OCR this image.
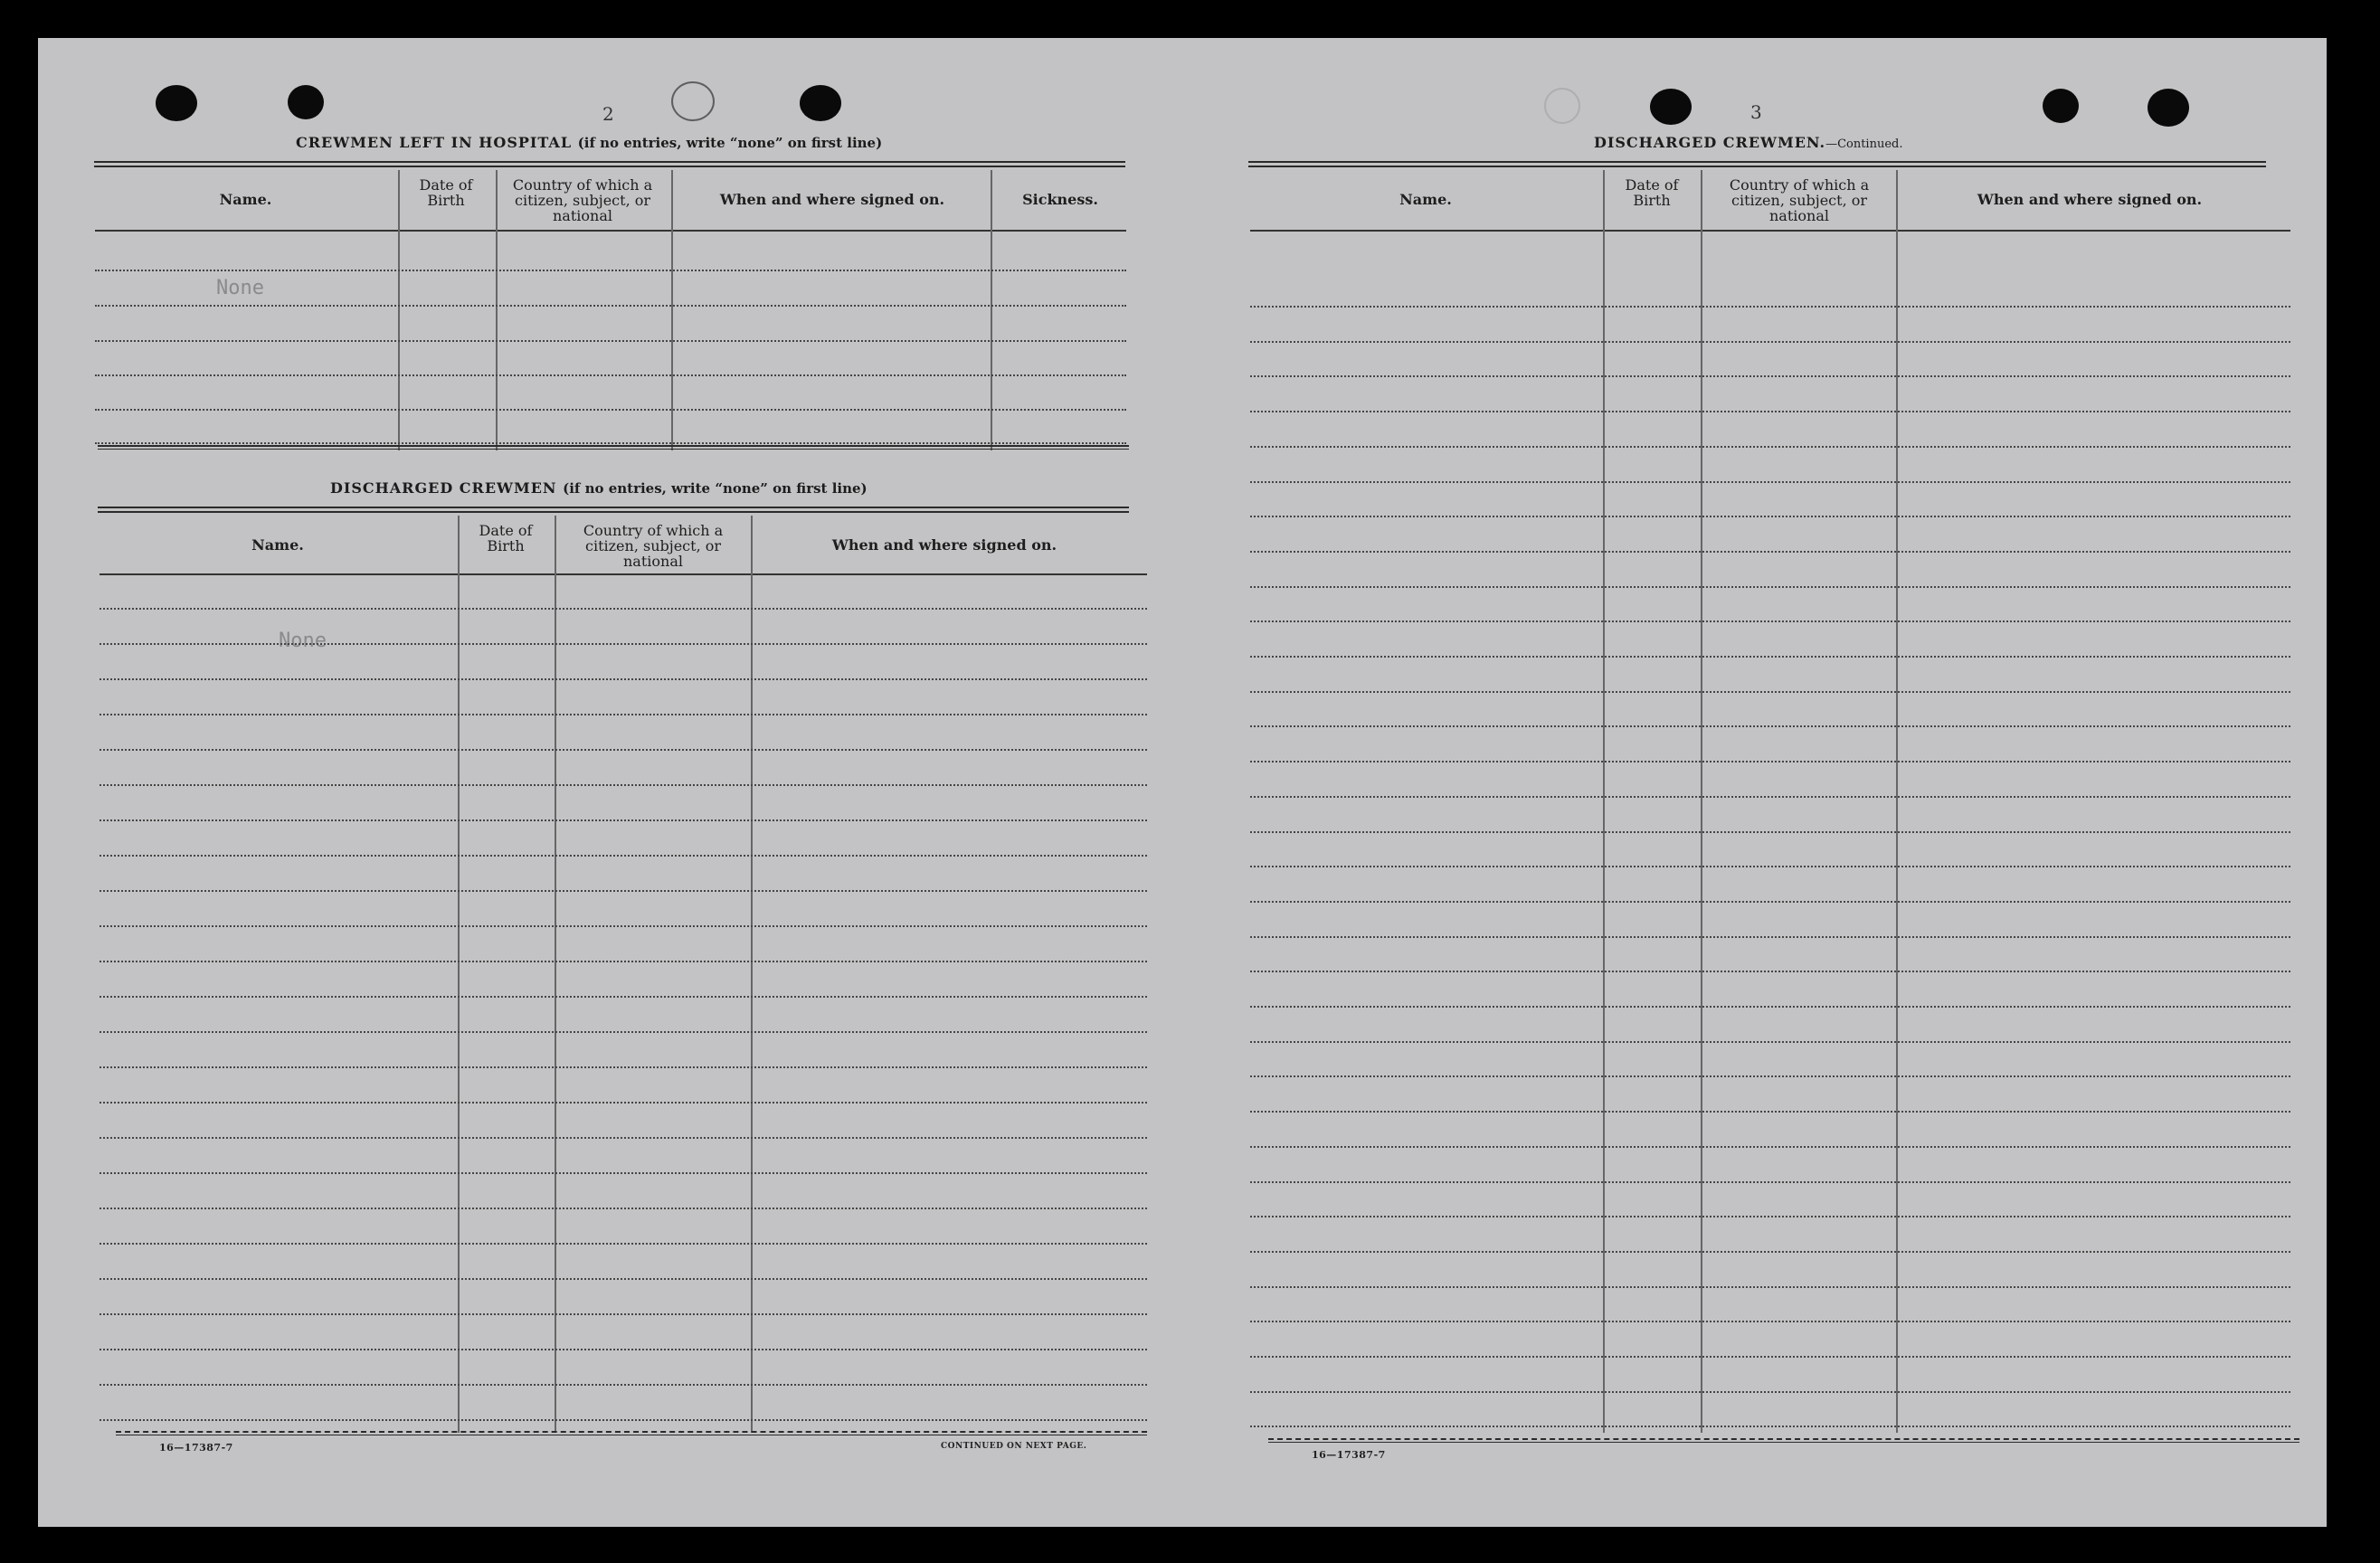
2
CREWMEN LEFT IN HOSPITAL (if no entries, write “none” on first line)
Name.
Date of Birth
Country of which a citizen, subject, or national
When and where signed on.	Sickness.
None
DISCHARGED CREWMEN (if no entries, write “none” on first line)
Name.
Date of Birth
Country of which a citizen, subject, or national
When and where signed on.
None
16—17387-7	CONTINUED ON NEXT PAGE.
3
DISCHARGED CREWMEN.—Continued.
Name.
Date of Birth
Country of which a citizen, subject, or national
When and where signed on.
16—17387-7
